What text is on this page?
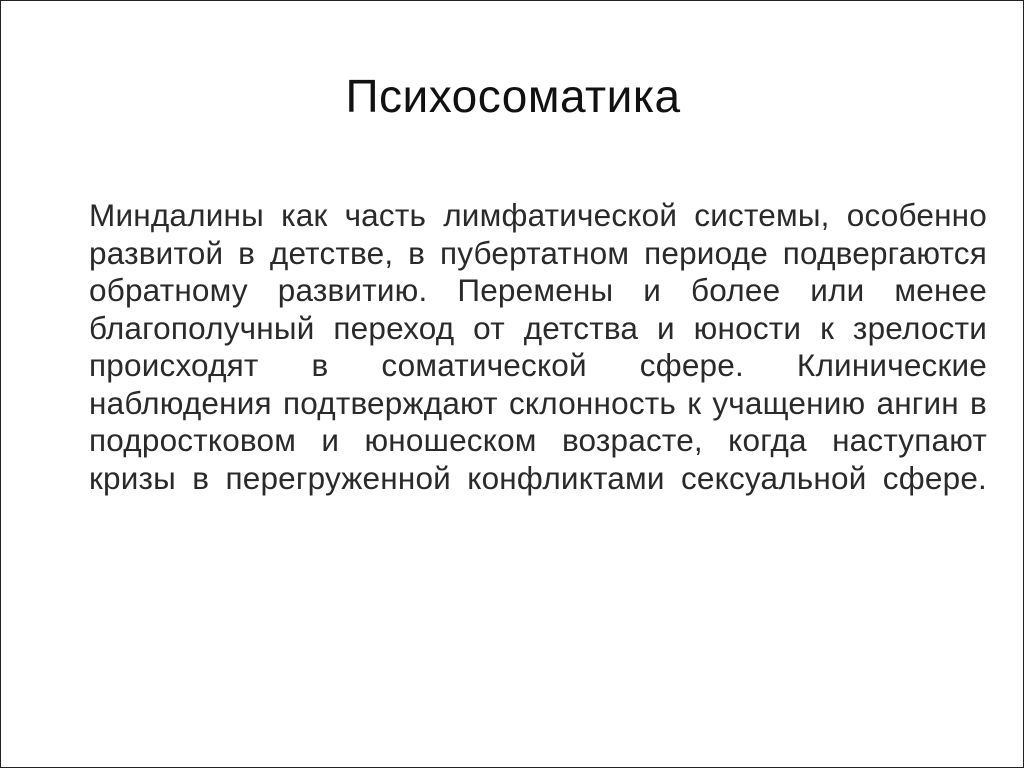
Психосоматика

Миндалины как часть лимфатической системы, особенно развитой в детстве, в пубертатном периоде подвергаются обратному развитию. Перемены и более или менее благополучный переход от детства и юности к зрелости происходят в соматической сфере. Клинические наблюдения подтверждают склонность к учащению ангин в подростковом и юношеском возрасте, когда наступают кризы в перегруженной конфликтами сексуальной сфере.
